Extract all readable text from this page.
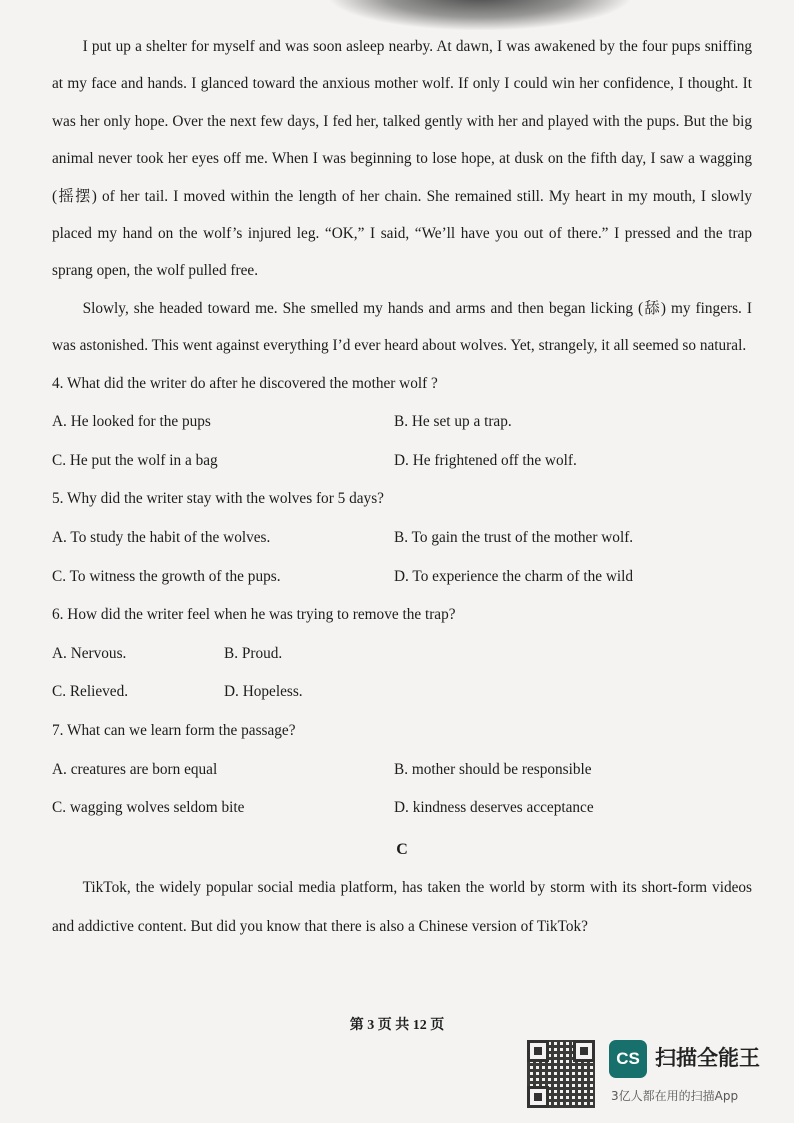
I put up a shelter for myself and was soon asleep nearby. At dawn, I was awakened by the four pups sniffing at my face and hands. I glanced toward the anxious mother wolf. If only I could win her confidence, I thought. It was her only hope. Over the next few days, I fed her, talked gently with her and played with the pups. But the big animal never took her eyes off me. When I was beginning to lose hope, at dusk on the fifth day, I saw a wagging (摇摆) of her tail. I moved within the length of her chain. She remained still. My heart in my mouth, I slowly placed my hand on the wolf’s injured leg. “OK,” I said, “We’ll have you out of there.” I pressed and the trap sprang open, the wolf pulled free.

Slowly, she headed toward me. She smelled my hands and arms and then began licking (舔) my fingers. I was astonished. This went against everything I’d ever heard about wolves. Yet, strangely, it all seemed so natural.

4. What did the writer do after he discovered the mother wolf ?
A. He looked for the pups	B. He set up a trap.
C. He put the wolf in a bag	D. He frightened off the wolf.
5. Why did the writer stay with the wolves for 5 days?
A. To study the habit of the wolves.	B. To gain the trust of the mother wolf.
C. To witness the growth of the pups.	D. To experience the charm of the wild
6. How did the writer feel when he was trying to remove the trap?
A. Nervous.	B. Proud.
C. Relieved.	D. Hopeless.
7. What can we learn form the passage?
A. creatures are born equal	B. mother should be responsible
C. wagging wolves seldom bite	D. kindness deserves acceptance
C

TikTok, the widely popular social media platform, has taken the world by storm with its short-form videos and addictive content. But did you know that there is also a Chinese version of TikTok?

第 3 页 共 12 页
CS 扫描全能王
3亿人都在用的扫描App
